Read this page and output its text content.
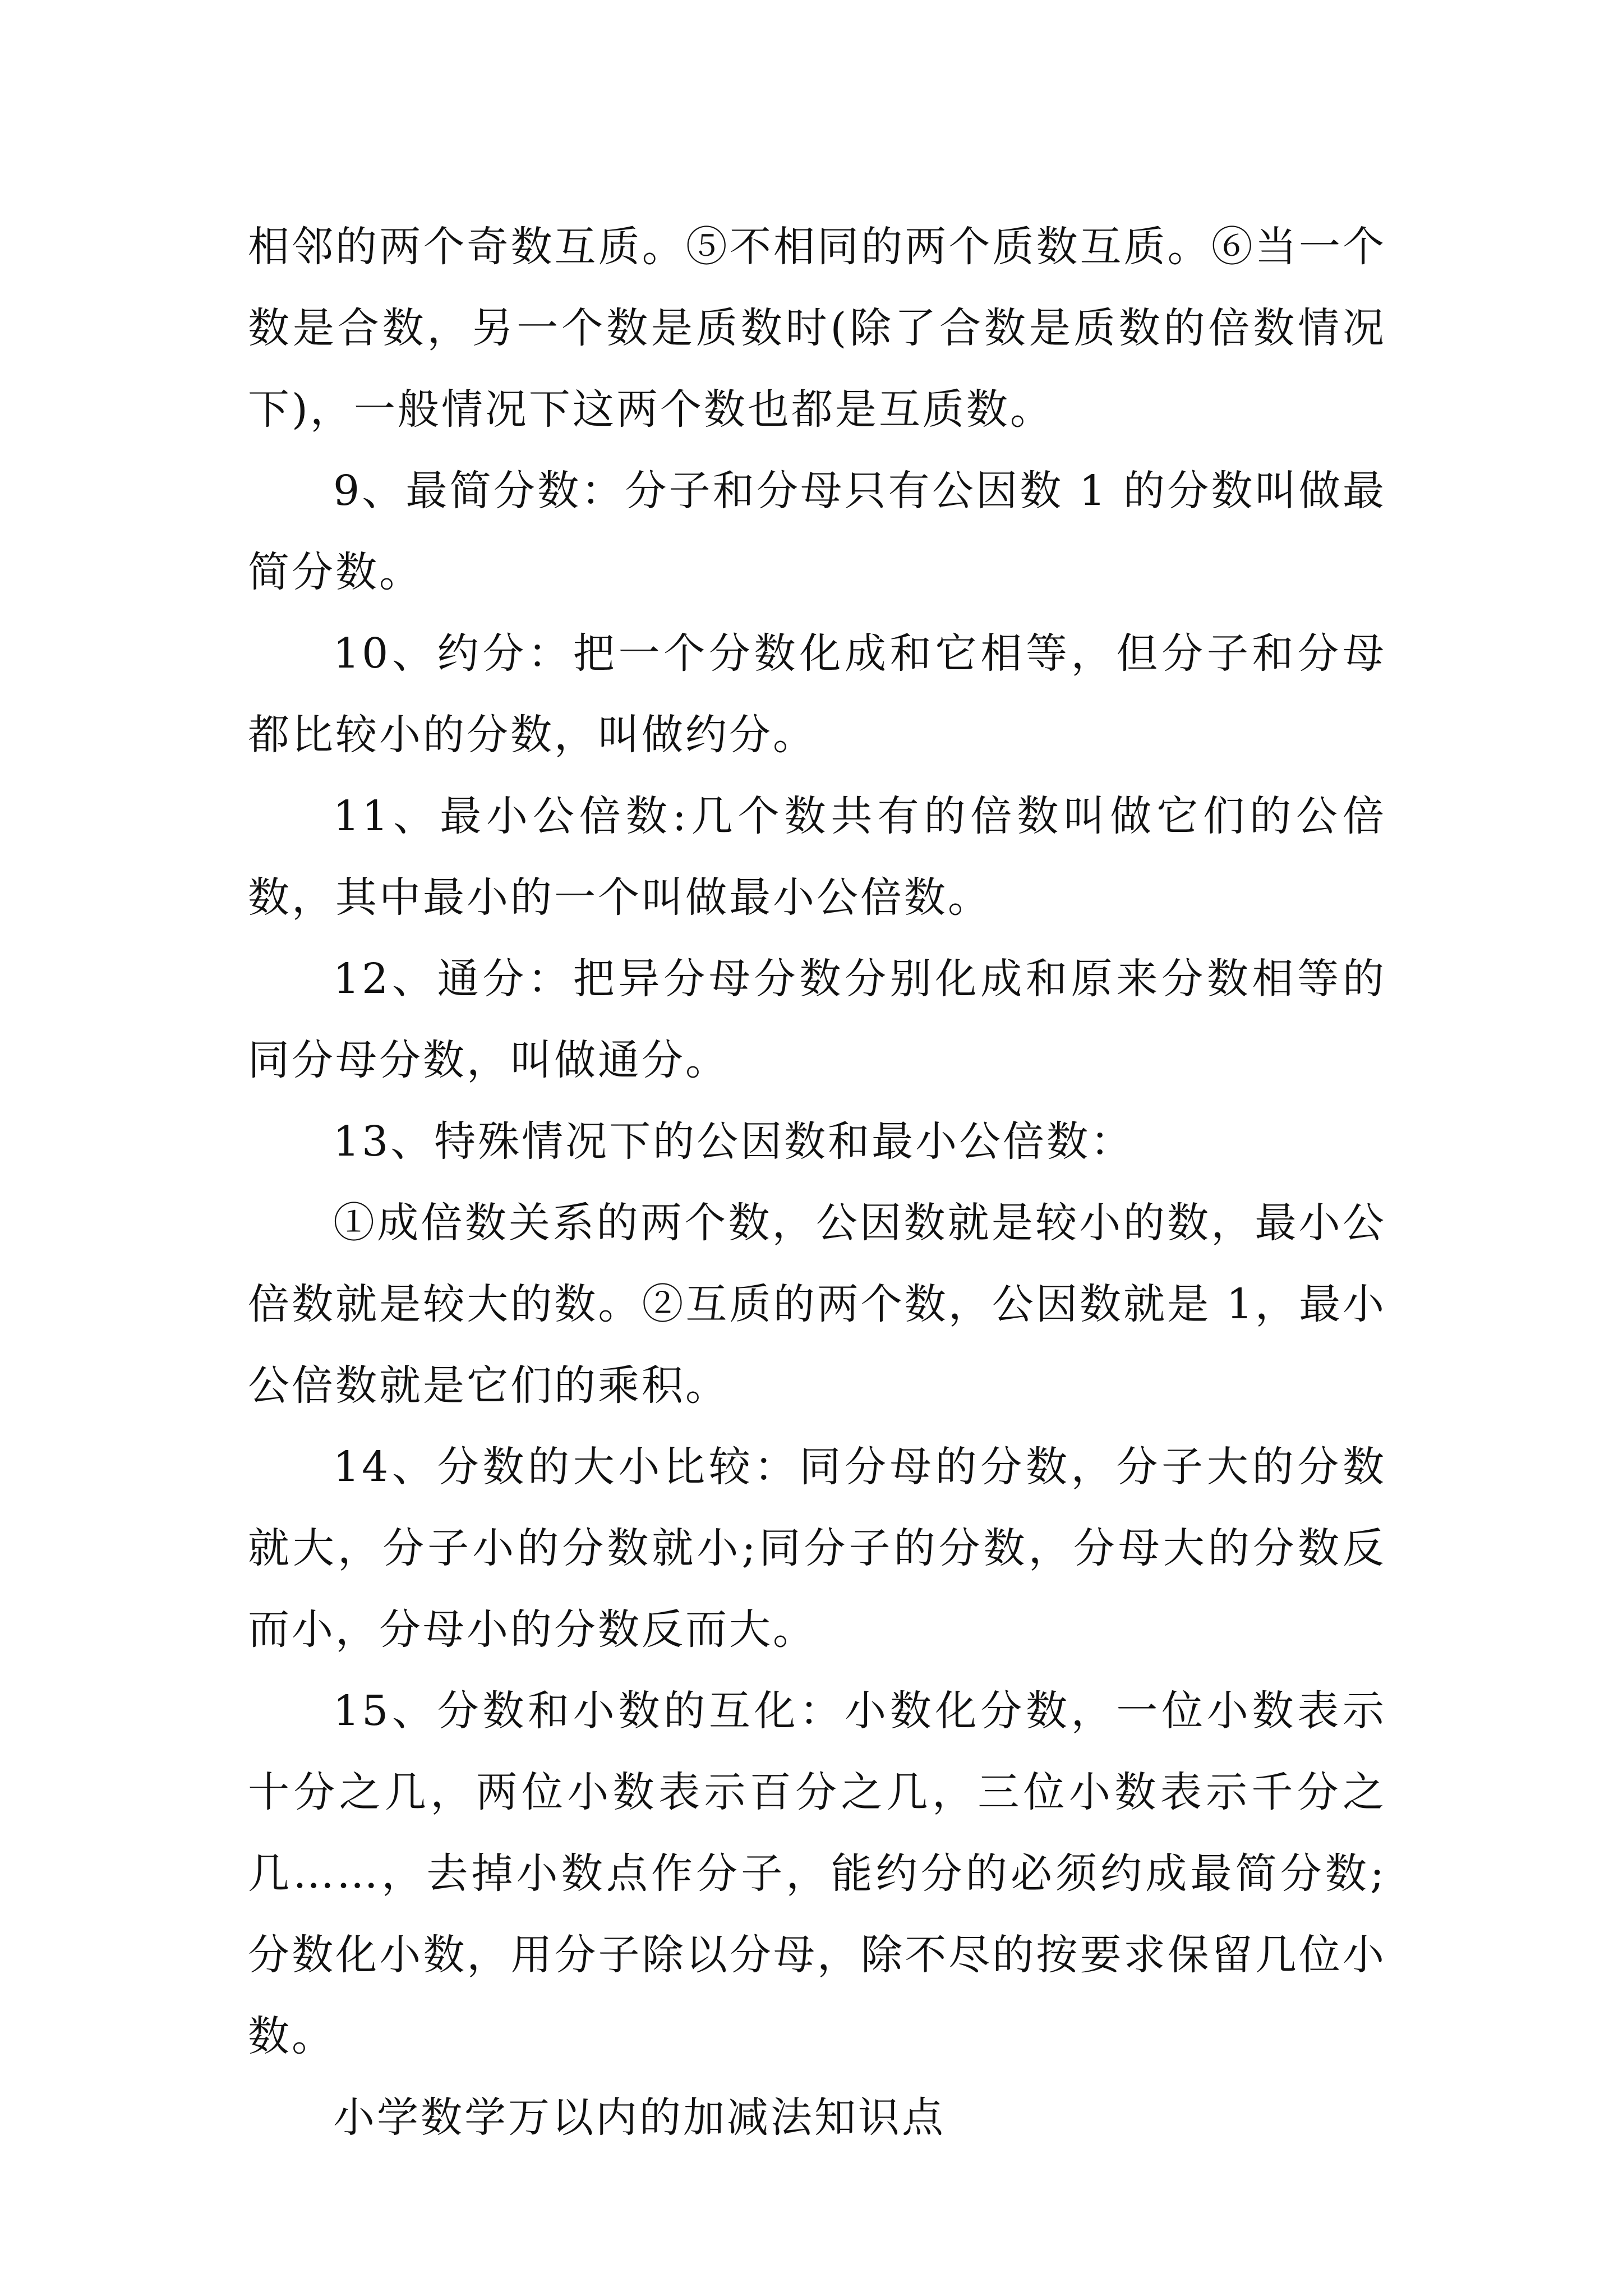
相邻的两个奇数互质。⑤不相同的两个质数互质。⑥当一个数是合数，另一个数是质数时(除了合数是质数的倍数情况下)，一般情况下这两个数也都是互质数。

9、最简分数：分子和分母只有公因数 1 的分数叫做最简分数。

10、约分：把一个分数化成和它相等，但分子和分母都比较小的分数，叫做约分。

11、最小公倍数:几个数共有的倍数叫做它们的公倍数，其中最小的一个叫做最小公倍数。

12、通分：把异分母分数分别化成和原来分数相等的同分母分数，叫做通分。

13、特殊情况下的公因数和最小公倍数：

①成倍数关系的两个数，公因数就是较小的数，最小公倍数就是较大的数。②互质的两个数，公因数就是 1，最小公倍数就是它们的乘积。

14、分数的大小比较：同分母的分数，分子大的分数就大，分子小的分数就小;同分子的分数，分母大的分数反而小，分母小的分数反而大。

15、分数和小数的互化：小数化分数，一位小数表示十分之几，两位小数表示百分之几，三位小数表示千分之几……，去掉小数点作分子，能约分的必须约成最简分数;分数化小数，用分子除以分母，除不尽的按要求保留几位小数。

小学数学万以内的加减法知识点
